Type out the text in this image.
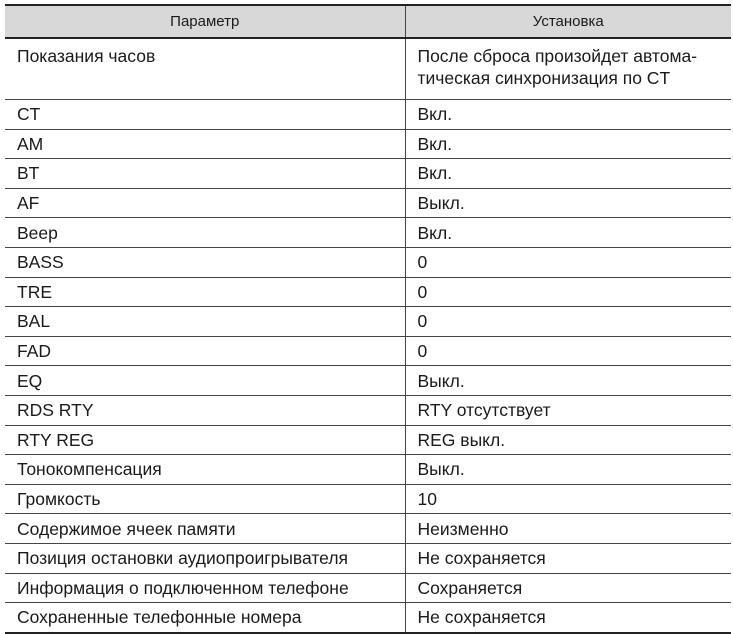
Параметр	Установка
Показания часов	После сброса произойдет автома-
тическая синхронизация по CT

CT	Вкл.
AM	Вкл.
BT	Вкл.
AF	Выкл.
Beep	Вкл.
BASS	0
TRE	0
BAL	0
FAD	0
EQ	Выкл.
RDS RTY	RTY отсутствует
RTY REG	REG выкл.
Тонокомпенсация	Выкл.
Громкость	10
Содержимое ячеек памяти	Неизменно
Позиция остановки аудиопроигрывателя	Не сохраняется
Информация о подключенном телефоне	Сохраняется
Сохраненные телефонные номера	Не сохраняется
